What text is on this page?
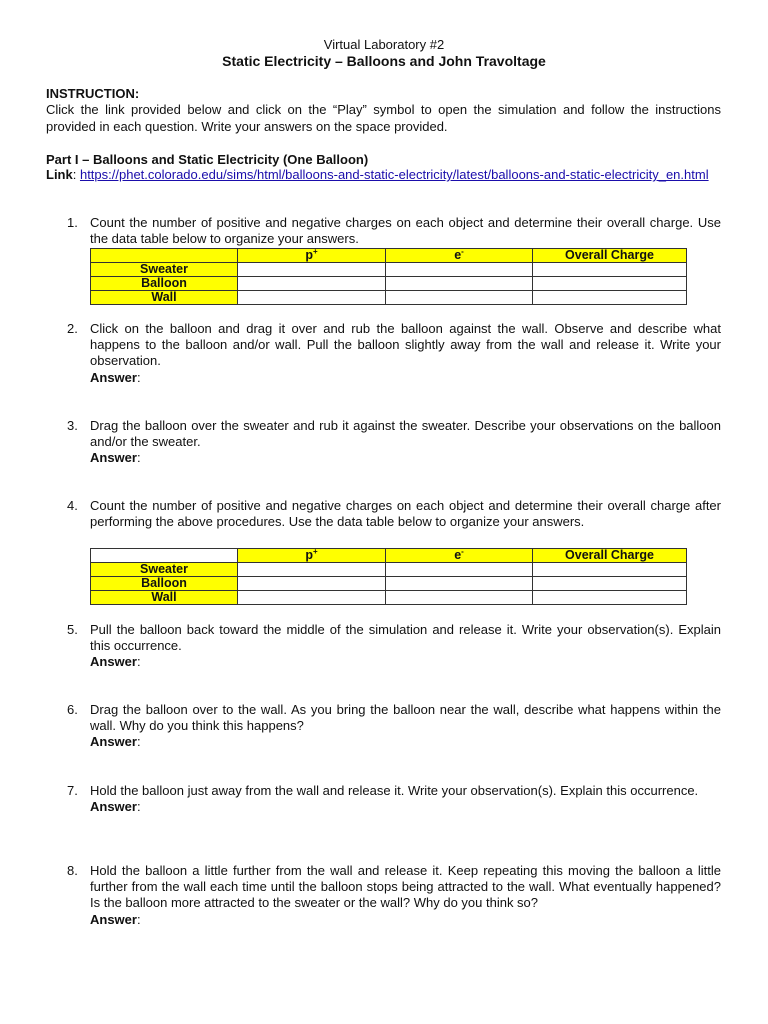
Virtual Laboratory #2
Static Electricity – Balloons and John Travoltage
INSTRUCTION:
Click the link provided below and click on the “Play” symbol to open the simulation and follow the instructions provided in each question. Write your answers on the space provided.
Part I – Balloons and Static Electricity (One Balloon)
Link: https://phet.colorado.edu/sims/html/balloons-and-static-electricity/latest/balloons-and-static-electricity_en.html
1. Count the number of positive and negative charges on each object and determine their overall charge. Use the data table below to organize your answers.
	p+	e-	Overall Charge
Sweater			
Balloon			
Wall			
2. Click on the balloon and drag it over and rub the balloon against the wall. Observe and describe what happens to the balloon and/or wall. Pull the balloon slightly away from the wall and release it. Write your observation.
Answer:
3. Drag the balloon over the sweater and rub it against the sweater. Describe your observations on the balloon and/or the sweater.
Answer:
4. Count the number of positive and negative charges on each object and determine their overall charge after performing the above procedures. Use the data table below to organize your answers.
	p+	e-	Overall Charge
Sweater			
Balloon			
Wall			
5. Pull the balloon back toward the middle of the simulation and release it. Write your observation(s). Explain this occurrence.
Answer:
6. Drag the balloon over to the wall. As you bring the balloon near the wall, describe what happens within the wall. Why do you think this happens?
Answer:
7. Hold the balloon just away from the wall and release it. Write your observation(s). Explain this occurrence.
Answer:
8. Hold the balloon a little further from the wall and release it. Keep repeating this moving the balloon a little further from the wall each time until the balloon stops being attracted to the wall. What eventually happened? Is the balloon more attracted to the sweater or the wall? Why do you think so?
Answer:
